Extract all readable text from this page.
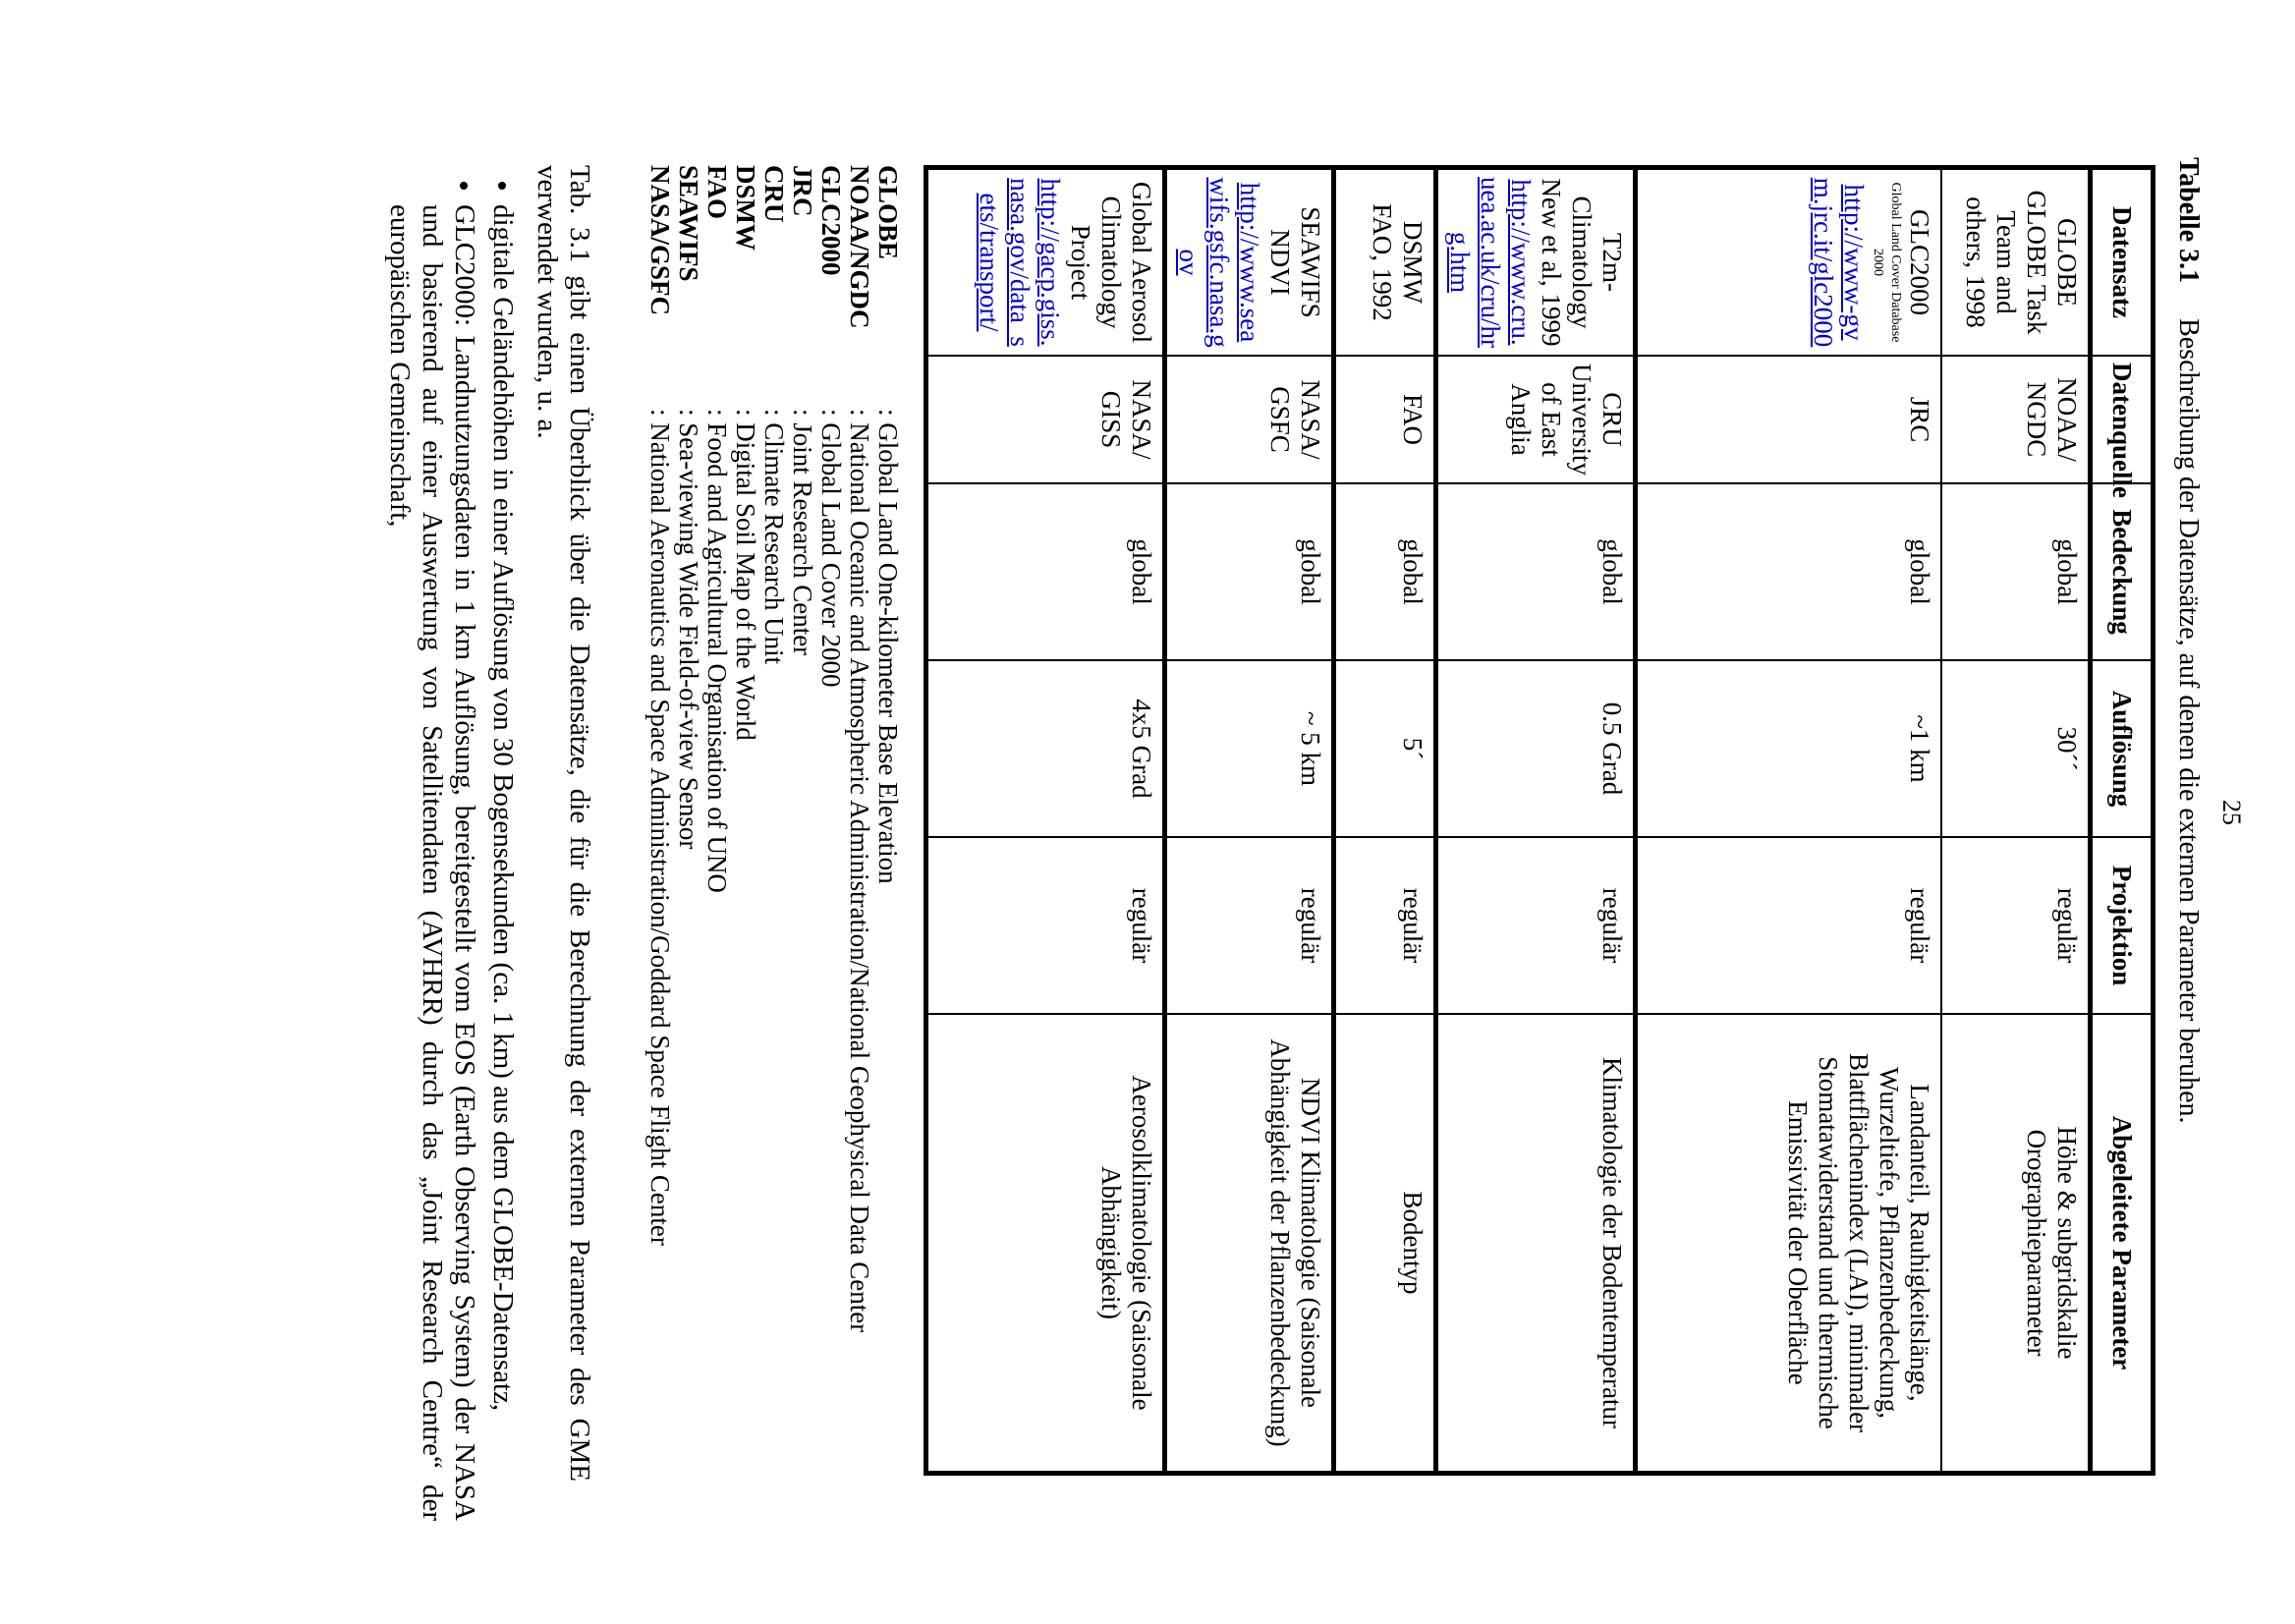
25
Tabelle 3.1Beschreibung der Datensätze, auf denen die externen Parameter beruhen.
Datensatz	Datenquelle	Bedeckung	Auflösung	Projektion	Abgeleitete Parameter

GLOBE
GLOBE Task Team and others, 1998	NOAA/ NGDC	global	30´´	regulär	Höhe & subgridskalie Orographieparameter

GLC2000
Global Land Cover Database 2000
http://www-gvm.jrc.it/glc2000	JRC	global	~1 km	regulär	Landanteil, Rauhigkeitslänge, Wurzeltiefe, Pflanzenbedeckung, Blattflächenindex (LAI), minimaler Stomatawiderstand und thermische Emissivität der Oberfläche

T2m-Climatology
New et al, 1999
http://www.cru.uea.ac.uk/cru/hrg.htm	CRU University of East Anglia	global	0.5 Grad	regulär	Klimatologie der Bodentemperatur

DSMW
FAO, 1992	FAO	global	5´	regulär	Bodentyp

SEAWIFS NDVI
http://www.seawifs.gsfc.nasa.gov	NASA/ GSFC	global	~ 5 km	regulär	NDVI Klimatologie (Saisonale Abhängigkeit der Pflanzenbedeckung)

Global Aerosol Climatology Project
http://gacp.giss.nasa.gov/data_sets/transport/	NASA/ GISS	global	4x5 Grad	regulär	Aerosolklimatologie (Saisonale Abhängigkeit)
GLOBE
: Global Land One-kilometer Base Elevation
NOAA/NGDC
: National Oceanic and Atmospheric Administration/National Geophysical Data Center
GLC2000
: Global Land Cover 2000
JRC
: Joint Research Center
CRU
: Climate Research Unit
DSMW
: Digital Soil Map of the World
FAO
: Food and Agricultural Organisation of UNO
SEAWIFS
: Sea-viewing Wide Field-of-view Sensor
NASA/GSFC
: National Aeronautics and Space Administration/Goddard Space Flight Center
Tab. 3.1 gibt einen Überblick über die Datensätze, die für die Berechnung der externen Parameter des GME verwendet wurden, u. a.
• digitale Geländehöhen in einer Auflösung von 30 Bogensekunden (ca. 1 km) aus dem GLOBE-Datensatz,
• GLC2000: Landnutzungsdaten in 1 km Auflösung, bereitgestellt vom EOS (Earth Observing System) der NASA und basierend auf einer Auswertung von Satellitendaten (AVHRR) durch das „Joint Research Centre“ der europäischen Gemeinschaft,
